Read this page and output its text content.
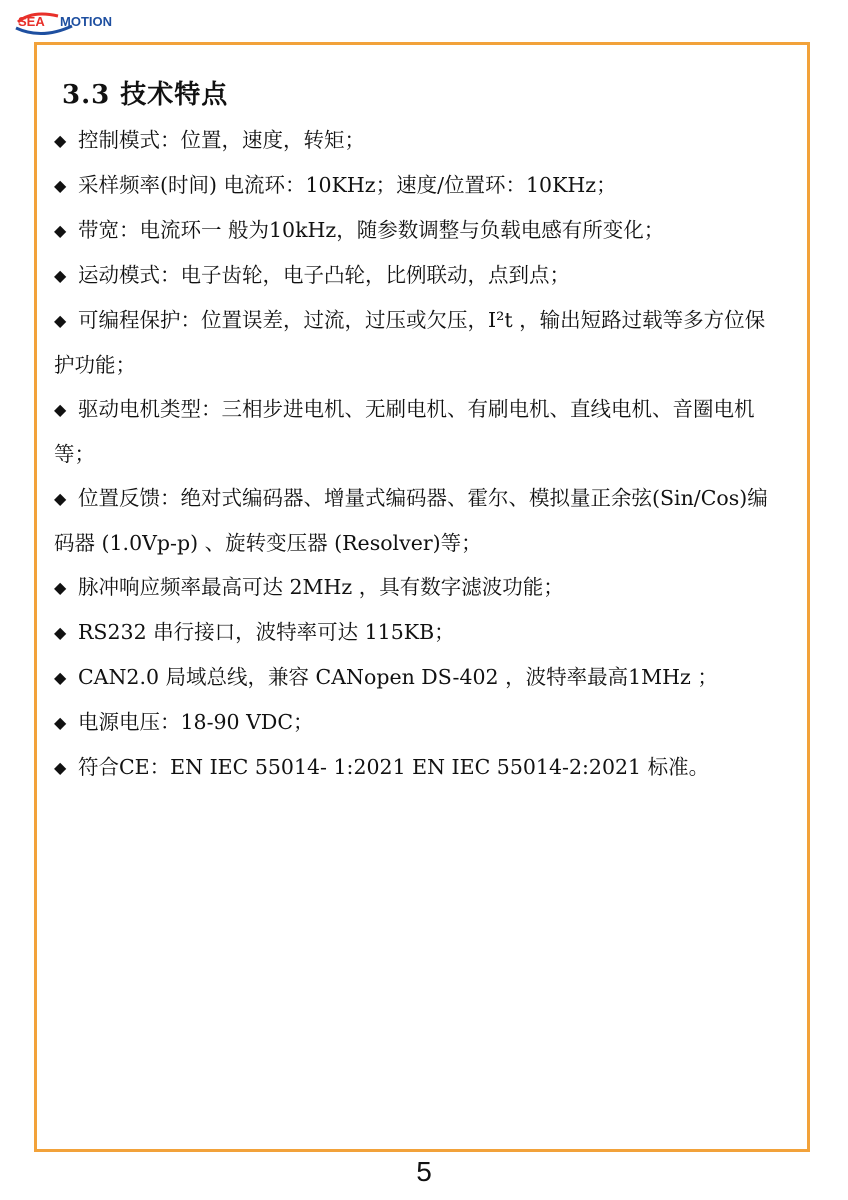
SEA MOTION
3.3 技术特点

◆ 控制模式：位置，速度，转矩；

◆ 采样频率(时间) 电流环：10KHz；速度/位置环：10KHz；

◆ 带宽：电流环一 般为10kHz，随参数调整与负载电感有所变化；

◆ 运动模式：电子齿轮，电子凸轮，比例联动，点到点；

◆ 可编程保护：位置误差，过流，过压或欠压，I²t ，输出短路过载等多方位保护功能；

◆ 驱动电机类型：三相步进电机、无刷电机、有刷电机、直线电机、音圈电机等；

◆ 位置反馈：绝对式编码器、增量式编码器、霍尔、模拟量正余弦(Sin/Cos)编码器 (1.0Vp-p) 、旋转变压器 (Resolver)等；

◆ 脉冲响应频率最高可达 2MHz ，具有数字滤波功能；

◆ RS232 串行接口，波特率可达 115KB；

◆ CAN2.0 局域总线，兼容 CANopen DS-402 ，波特率最高1MHz ；

◆ 电源电压：18-90 VDC；

◆ 符合CE：EN IEC 55014- 1:2021 EN IEC 55014-2:2021 标准。

5
